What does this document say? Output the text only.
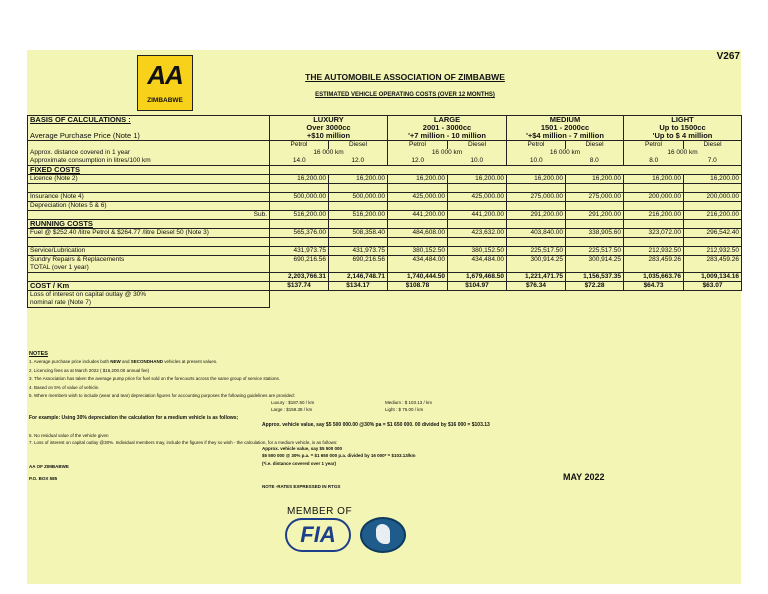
V267
AA
ZIMBABWE
THE AUTOMOBILE ASSOCIATION OF ZIMBABWE
ESTIMATED VEHICLE OPERATING COSTS (OVER 12 MONTHS)
BASIS OF CALCULATIONS :	LUXURY		LARGE		MEDIUM		LIGHT	
	Over 3000cc		2001 - 3000cc		1501 - 2000cc		Up to 1500cc	
Average Purchase Price (Note 1)	+$10 million		'+7 million - 10 million		'+$4 million - 7 million		'Up to $ 4 million	
	Petrol	Diesel	Petrol	Diesel	Petrol	Diesel	Petrol	Diesel
Approx. distance covered in 1 year	16 000 km		16 000 km		16 000 km		16 000 km	
Approximate consumption in litres/100 km	14.0	12.0	12.0	10.0	10.0	8.0	8.0	7.0
FIXED COSTS								
Licence (Note 2)	16,200.00	16,200.00	16,200.00	16,200.00	16,200.00	16,200.00	16,200.00	16,200.00

Insurance (Note 4)	500,000.00	500,000.00	425,000.00	425,000.00	275,000.00	275,000.00	200,000.00	200,000.00
Depreciation (Notes 5 & 6)								
Sub.	516,200.00	516,200.00	441,200.00	441,200.00	291,200.00	291,200.00	216,200.00	216,200.00
RUNNING COSTS								
Fuel @ $252.40 /litre Petrol & $264.77 /litre Diesel 50 (Note 3)	565,376.00	508,358.40	484,608.00	423,632.00	403,840.00	338,905.60	323,072.00	296,542.40

Service/Lubrication	431,973.75	431,973.75	380,152.50	380,152.50	225,517.50	225,517.50	212,932.50	212,932.50
Sundry Repairs & Replacements	690,216.56	690,216.56	434,484.00	434,484.00	300,914.25	300,914.25	283,459.26	283,459.26
TOTAL (over 1 year)								
	2,203,766.31	2,146,748.71	1,740,444.50	1,679,468.50	1,221,471.75	1,156,537.35	1,035,663.76	1,009,134.16
COST / Km	$137.74	$134.17	$108.78	$104.97	$76.34	$72.28	$64.73	$63.07
Loss of interest on capital outlay @ 30%								
nominal rate (Note 7)								
NOTES
1. Average purchase price includes both NEW and SECONDHAND vehicles at present values.
2. Licencing fees as at March 2022 ( $16,200.00 annual fee)
3. The Association has taken the average pump price for fuel sold on the forecourts across the same group of service stations.
4. Based on 5% of value of vehicle.
5. Where members wish to include (wear and tear) depreciation figures for accounting purposes the following guidelines are provided:
Luxury : $187.50 / km	Medium : $ 103.13 / km
Large : $159.38 / km	Light : $ 75.00 / km
For example: Using 30% depreciation the calculation for a medium vehicle is as follows;
Approx. vehicle value, say $5 500 000.00 @30% pa = $1 650 000. 00 divided by $16 000 = $103.13
6. No residual value of the vehicle given
7. Loss of interest on capital outlay @30%. Individual members may, include the figures if they so wish - the calculation, for a medium vehicle, is as follows:
Approx. vehicle value, say $5 500 000
$5 500 000 @ 30% p.a. = $1 650 000 p.a. divided by 16 000* = $103.13/km
(*i.e. distance covered over 1 year)
AA OF ZIMBABWE
P.O. BOX 585
NOTE -RATES EXPRESSED IN RTGS
MAY 2022
MEMBER OF
FIA
